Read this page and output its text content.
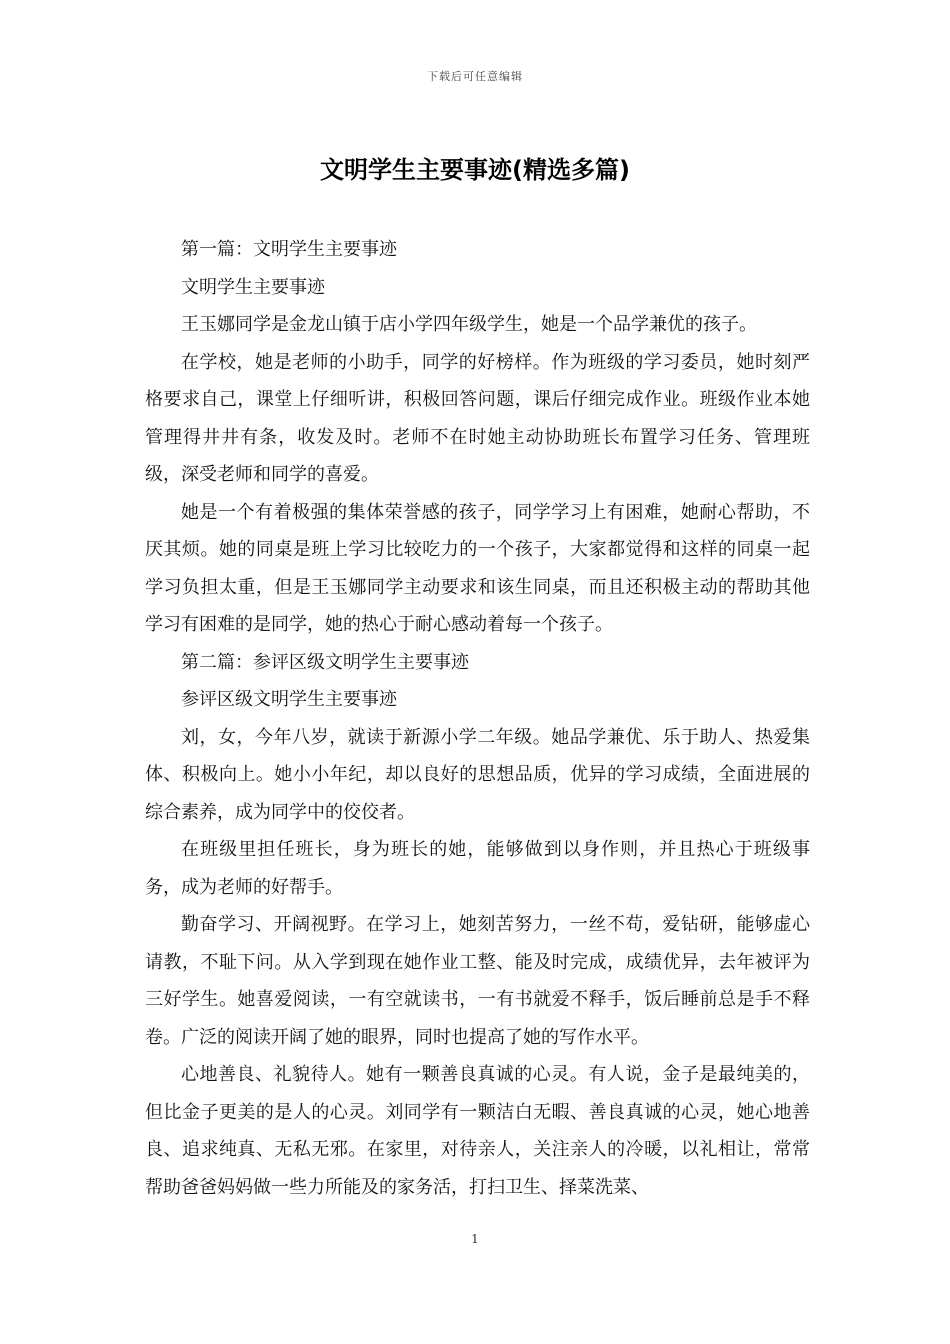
下载后可任意编辑
文明学生主要事迹(精选多篇)

第一篇：文明学生主要事迹

文明学生主要事迹

王玉娜同学是金龙山镇于店小学四年级学生，她是一个品学兼优的孩子。

在学校，她是老师的小助手，同学的好榜样。作为班级的学习委员，她时刻严格要求自己，课堂上仔细听讲，积极回答问题，课后仔细完成作业。班级作业本她管理得井井有条，收发及时。老师不在时她主动协助班长布置学习任务、管理班级，深受老师和同学的喜爱。

她是一个有着极强的集体荣誉感的孩子，同学学习上有困难，她耐心帮助，不厌其烦。她的同桌是班上学习比较吃力的一个孩子，大家都觉得和这样的同桌一起学习负担太重，但是王玉娜同学主动要求和该生同桌，而且还积极主动的帮助其他学习有困难的是同学，她的热心于耐心感动着每一个孩子。

第二篇：参评区级文明学生主要事迹

参评区级文明学生主要事迹

刘，女，今年八岁，就读于新源小学二年级。她品学兼优、乐于助人、热爱集体、积极向上。她小小年纪，却以良好的思想品质，优异的学习成绩，全面进展的综合素养，成为同学中的佼佼者。

在班级里担任班长，身为班长的她，能够做到以身作则，并且热心于班级事务，成为老师的好帮手。

勤奋学习、开阔视野。在学习上，她刻苦努力，一丝不苟，爱钻研，能够虚心请教，不耻下问。从入学到现在她作业工整、能及时完成，成绩优异，去年被评为三好学生。她喜爱阅读，一有空就读书，一有书就爱不释手，饭后睡前总是手不释卷。广泛的阅读开阔了她的眼界，同时也提高了她的写作水平。

心地善良、礼貌待人。她有一颗善良真诚的心灵。有人说，金子是最纯美的，但比金子更美的是人的心灵。刘同学有一颗洁白无暇、善良真诚的心灵，她心地善良、追求纯真、无私无邪。在家里，对待亲人，关注亲人的冷暖，以礼相让，常常帮助爸爸妈妈做一些力所能及的家务活，打扫卫生、择菜洗菜、

1
